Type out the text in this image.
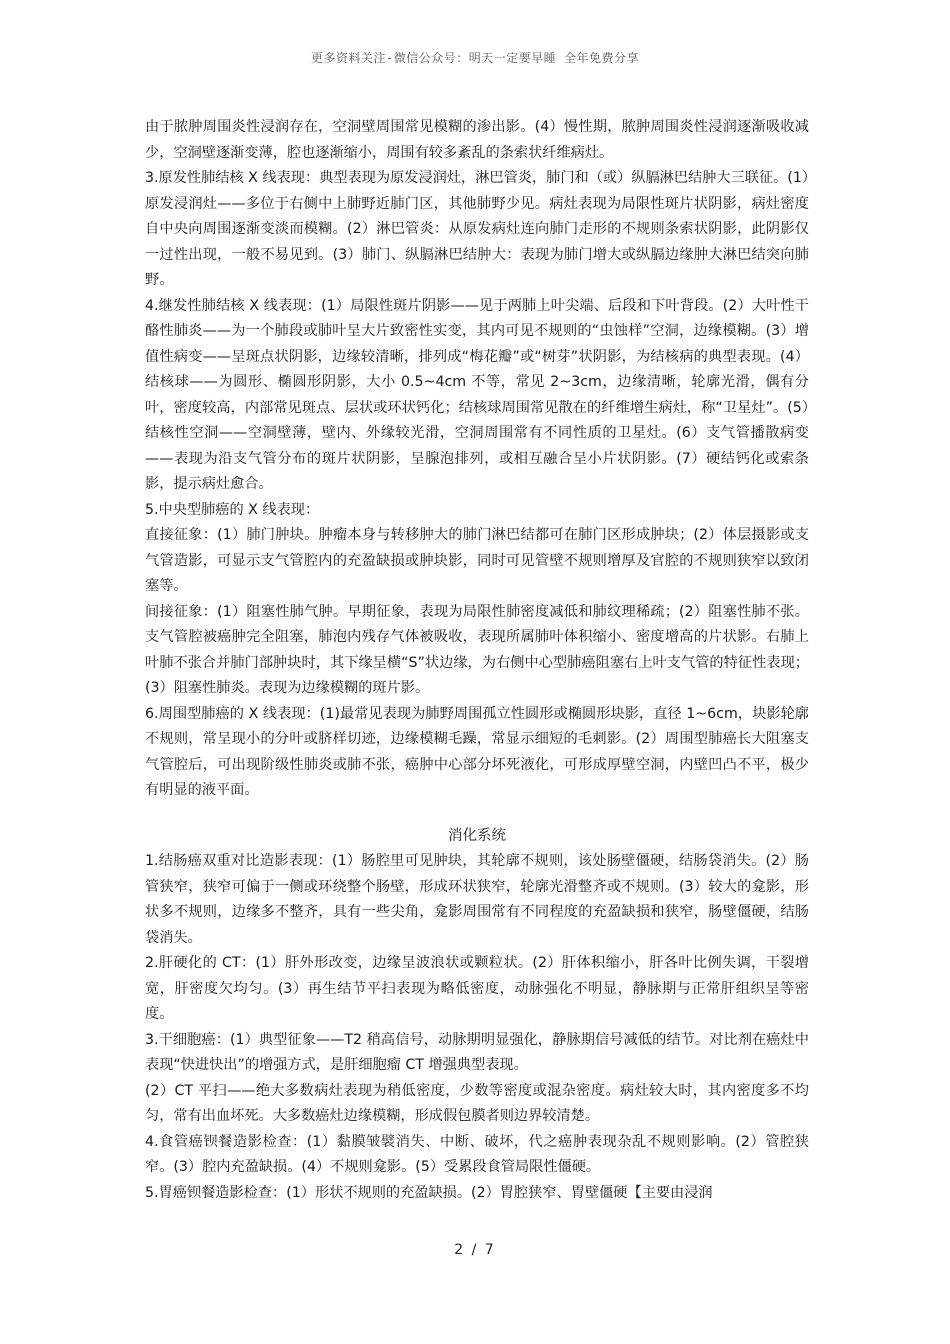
更多资料关注-微信公众号：明天一定要早睡 全年免费分享

由于脓肿周围炎性浸润存在，空洞壁周围常见模糊的渗出影。(4）慢性期，脓肿周围炎性浸润逐渐吸收减少，空洞壁逐渐变薄，腔也逐渐缩小，周围有较多紊乱的条索状纤维病灶。

3.原发性肺结核 X 线表现：典型表现为原发浸润灶，淋巴管炎，肺门和（或）纵膈淋巴结肿大三联征。(1）原发浸润灶——多位于右侧中上肺野近肺门区，其他肺野少见。病灶表现为局限性斑片状阴影，病灶密度自中央向周围逐渐变淡而模糊。(2）淋巴管炎：从原发病灶连向肺门走形的不规则条索状阴影，此阴影仅一过性出现，一般不易见到。(3）肺门、纵膈淋巴结肿大：表现为肺门增大或纵膈边缘肿大淋巴结突向肺野。

4.继发性肺结核 X 线表现：(1）局限性斑片阴影——见于两肺上叶尖端、后段和下叶背段。(2）大叶性干酪性肺炎——为一个肺段或肺叶呈大片致密性实变，其内可见不规则的“虫蚀样”空洞，边缘模糊。(3）增值性病变——呈斑点状阴影，边缘较清晰，排列成“梅花瓣”或“树芽”状阴影，为结核病的典型表现。(4）结核球——为圆形、椭圆形阴影，大小 0.5~4cm 不等，常见 2~3cm，边缘清晰，轮廓光滑，偶有分叶，密度较高，内部常见斑点、层状或环状钙化；结核球周围常见散在的纤维增生病灶，称“卫星灶”。(5）结核性空洞——空洞壁薄，壁内、外缘较光滑，空洞周围常有不同性质的卫星灶。(6）支气管播散病变——表现为沿支气管分布的斑片状阴影，呈腺泡排列，或相互融合呈小片状阴影。(7）硬结钙化或索条影，提示病灶愈合。

5.中央型肺癌的 X 线表现：

直接征象：(1）肺门肿块。肿瘤本身与转移肿大的肺门淋巴结都可在肺门区形成肿块；(2）体层摄影或支气管造影，可显示支气管腔内的充盈缺损或肿块影，同时可见管壁不规则增厚及官腔的不规则狭窄以致闭塞等。

间接征象：(1）阻塞性肺气肿。早期征象，表现为局限性肺密度减低和肺纹理稀疏；(2）阻塞性肺不张。支气管腔被癌肿完全阻塞，肺泡内残存气体被吸收，表现所属肺叶体积缩小、密度增高的片状影。右肺上叶肺不张合并肺门部肿块时，其下缘呈横“S”状边缘，为右侧中心型肺癌阻塞右上叶支气管的特征性表现；(3）阻塞性肺炎。表现为边缘模糊的斑片影。

6.周围型肺癌的 X 线表现：(1)最常见表现为肺野周围孤立性圆形或椭圆形块影，直径 1~6cm，块影轮廓不规则，常呈现小的分叶或脐样切迹，边缘模糊毛躁，常显示细短的毛刺影。(2）周围型肺癌长大阻塞支气管腔后，可出现阶级性肺炎或肺不张，癌肿中心部分坏死液化，可形成厚壁空洞，内壁凹凸不平，极少有明显的液平面。

消化系统

1.结肠癌双重对比造影表现：(1）肠腔里可见肿块，其轮廓不规则，该处肠壁僵硬，结肠袋消失。(2）肠管狭窄，狭窄可偏于一侧或环绕整个肠壁，形成环状狭窄，轮廓光滑整齐或不规则。(3）较大的龛影，形状多不规则，边缘多不整齐，具有一些尖角，龛影周围常有不同程度的充盈缺损和狭窄，肠壁僵硬，结肠袋消失。

2.肝硬化的 CT：(1）肝外形改变，边缘呈波浪状或颗粒状。(2）肝体积缩小，肝各叶比例失调，干裂增宽，肝密度欠均匀。(3）再生结节平扫表现为略低密度，动脉强化不明显，静脉期与正常肝组织呈等密度。

3.干细胞癌：(1）典型征象——T2 稍高信号，动脉期明显强化，静脉期信号减低的结节。对比剂在癌灶中表现“快进快出”的增强方式，是肝细胞瘤 CT 增强典型表现。

(2）CT 平扫——绝大多数病灶表现为稍低密度，少数等密度或混杂密度。病灶较大时，其内密度多不均匀，常有出血坏死。大多数癌灶边缘模糊，形成假包膜者则边界较清楚。

4.食管癌钡餐造影检查：(1）黏膜皱襞消失、中断、破坏，代之癌肿表现杂乱不规则影响。(2）管腔狭窄。(3）腔内充盈缺损。(4）不规则龛影。(5）受累段食管局限性僵硬。

5.胃癌钡餐造影检查：(1）形状不规则的充盈缺损。(2）胃腔狭窄、胃壁僵硬【主要由浸润

2 / 7
